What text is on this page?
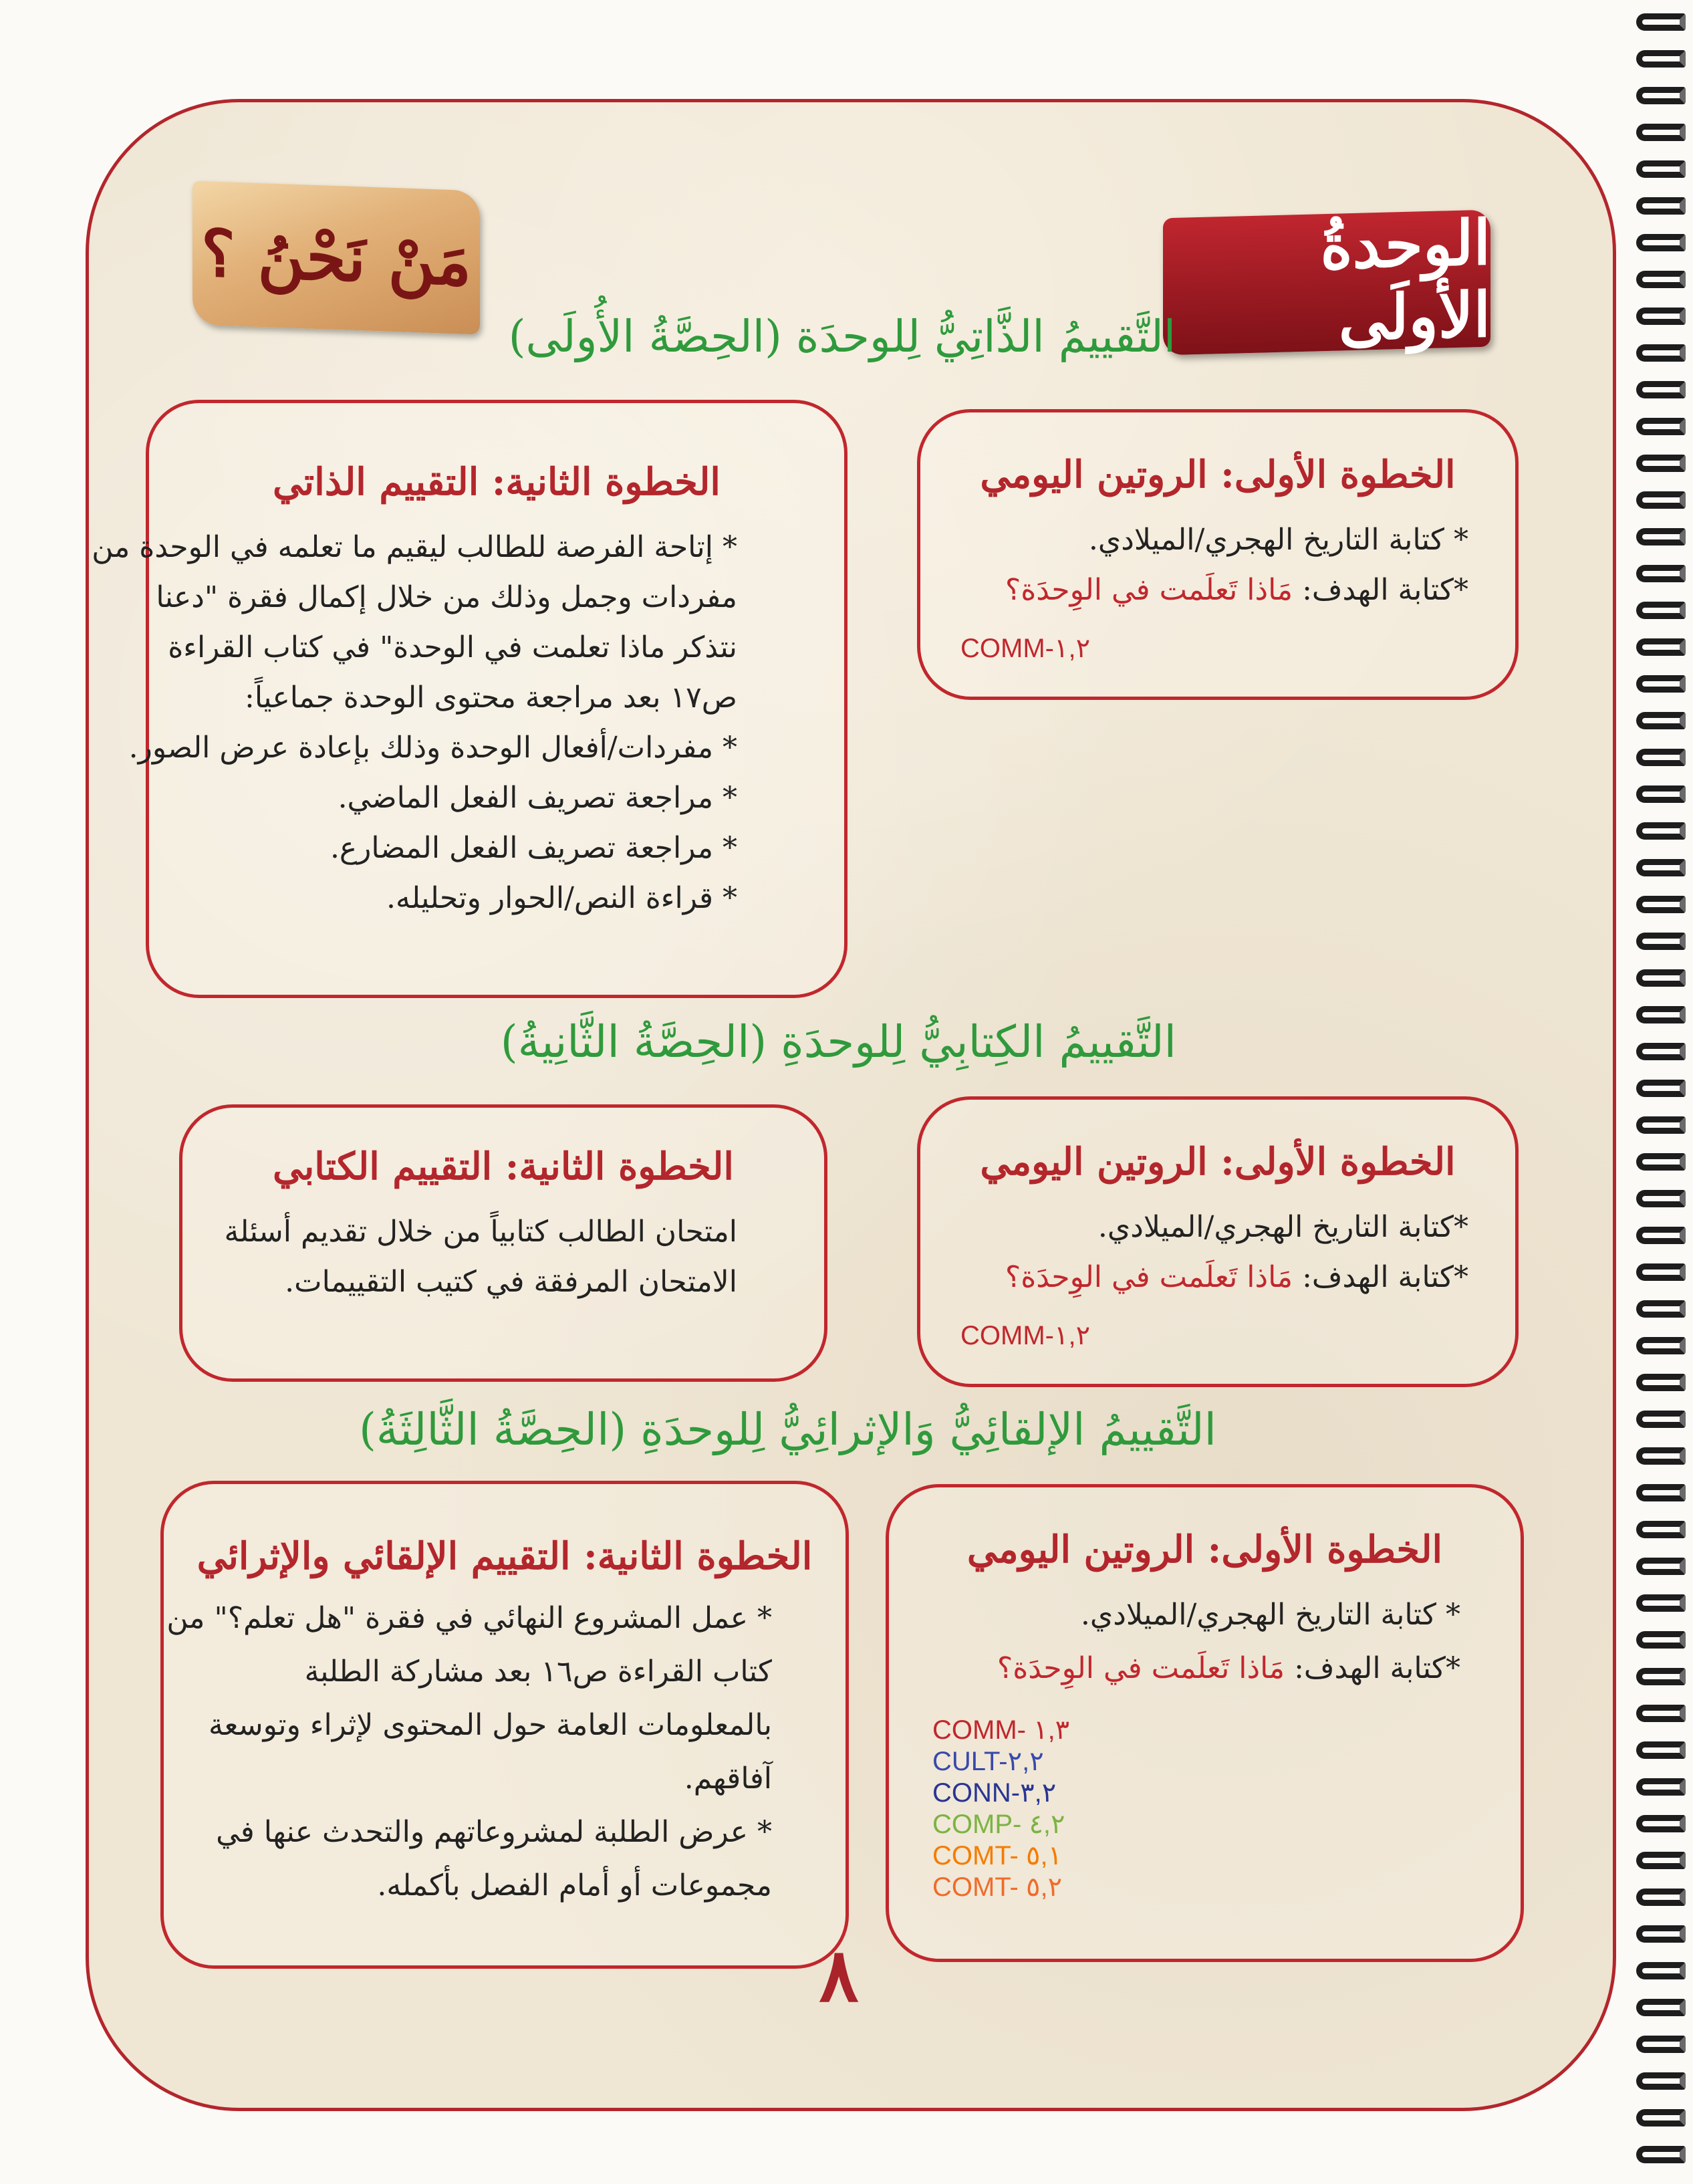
الوحدةُ الأولَى
مَنْ نَحْنُ ؟
التَّقييمُ الذَّاتِيُّ لِلوحدَة (الحِصَّةُ الأُولَى)
الخطوة الأولى: الروتين اليومي
* كتابة التاريخ الهجري/الميلادي.
*كتابة الهدف: مَاذا تَعلَمت في الوِحدَة؟
COMM-١,٢
الخطوة الثانية: التقييم الذاتي
* إتاحة الفرصة للطالب ليقيم ما تعلمه في الوحدة من
مفردات وجمل وذلك من خلال إكمال فقرة "دعنا
نتذكر ماذا تعلمت في الوحدة" في كتاب القراءة
ص١٧ بعد مراجعة محتوى الوحدة جماعياً:
* مفردات/أفعال الوحدة وذلك بإعادة عرض الصور.
* مراجعة تصريف الفعل الماضي.
* مراجعة تصريف الفعل المضارع.
* قراءة النص/الحوار وتحليله.
التَّقييمُ الكِتابِيُّ لِلوحدَةِ (الحِصَّةُ الثَّانِيةُ)
الخطوة الأولى: الروتين اليومي
*كتابة التاريخ الهجري/الميلادي.
*كتابة الهدف: مَاذا تَعلَمت في الوِحدَة؟
COMM-١,٢
الخطوة الثانية: التقييم الكتابي
امتحان الطالب كتابياً من خلال تقديم أسئلة
الامتحان المرفقة في كتيب التقييمات.
التَّقييمُ الإلقائِيُّ وَالإثرائِيُّ لِلوحدَةِ (الحِصَّةُ الثَّالِثَةُ)
الخطوة الأولى: الروتين اليومي
* كتابة التاريخ الهجري/الميلادي.
*كتابة الهدف: مَاذا تَعلَمت في الوِحدَة؟
COMM- ١,٣
CULT-٢,٢
CONN-٣,٢
COMP- ٤,٢
COMT- ٥,١
COMT- ٥,٢
الخطوة الثانية: التقييم الإلقائي والإثرائي
* عمل المشروع النهائي في فقرة "هل تعلم؟" من
كتاب القراءة ص١٦ بعد مشاركة الطلبة
بالمعلومات العامة حول المحتوى لإثراء وتوسعة
آفاقهم.
* عرض الطلبة لمشروعاتهم والتحدث عنها في
مجموعات أو أمام الفصل بأكمله.
٨
